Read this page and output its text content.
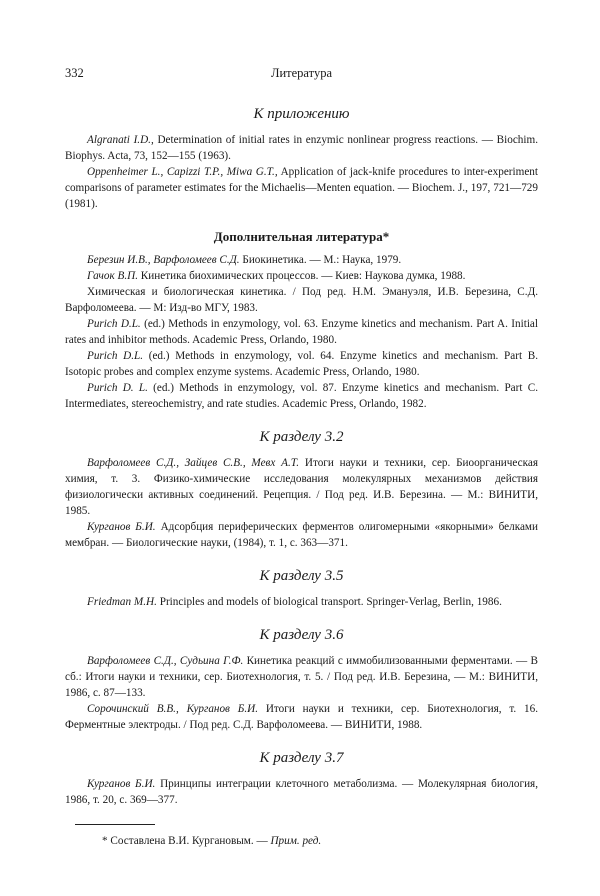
332	Литература
К приложению

Algranati I.D., Determination of initial rates in enzymic nonlinear progress reactions. — Biochim. Biophys. Acta, 73, 152—155 (1963).

Oppenheimer L., Capizzi T.P., Miwa G.T., Application of jack-knife procedures to inter-experiment comparisons of parameter estimates for the Michaelis—Menten equation. — Biochem. J., 197, 721—729 (1981).

Дополнительная литература*

Березин И.В., Варфоломеев С.Д. Биокинетика. — М.: Наука, 1979.

Гачок В.П. Кинетика биохимических процессов. — Киев: Наукова думка, 1988.

Химическая и биологическая кинетика. / Под ред. Н.М. Эмануэля, И.В. Березина, С.Д. Варфоломеева. — М: Изд-во МГУ, 1983.

Purich D.L. (ed.) Methods in enzymology, vol. 63. Enzyme kinetics and mechanism. Part A. Initial rates and inhibitor methods. Academic Press, Orlando, 1980.

Purich D.L. (ed.) Methods in enzymology, vol. 64. Enzyme kinetics and mechanism. Part B. Isotopic probes and complex enzyme systems. Academic Press, Orlando, 1980.

Purich D. L. (ed.) Methods in enzymology, vol. 87. Enzyme kinetics and mechanism. Part C. Intermediates, stereochemistry, and rate studies. Academic Press, Orlando, 1982.

К разделу 3.2

Варфоломеев С.Д., Зайцев С.В., Мевх А.Т. Итоги науки и техники, сер. Биоорганическая химия, т. 3. Физико-химические исследования молекулярных механизмов действия физиологически активных соединений. Рецепция. / Под ред. И.В. Березина. — М.: ВИНИТИ, 1985.

Курганов Б.И. Адсорбция периферических ферментов олигомерными «якорными» белками мембран. — Биологические науки, (1984), т. 1, с. 363—371.

К разделу 3.5

Friedman M.H. Principles and models of biological transport. Springer-Verlag, Berlin, 1986.

К разделу 3.6

Варфоломеев С.Д., Судьина Г.Ф. Кинетика реакций с иммобилизованными ферментами. — В сб.: Итоги науки и техники, сер. Биотехнология, т. 5. / Под ред. И.В. Березина, — М.: ВИНИТИ, 1986, с. 87—133.

Сорочинский В.В., Курганов Б.И. Итоги науки и техники, сер. Биотехнология, т. 16. Ферментные электроды. / Под ред. С.Д. Варфоломеева. — ВИНИТИ, 1988.

К разделу 3.7

Курганов Б.И. Принципы интеграции клеточного метаболизма. — Молекулярная биология, 1986, т. 20, с. 369—377.

* Составлена В.И. Кургановым. — Прим. ред.
